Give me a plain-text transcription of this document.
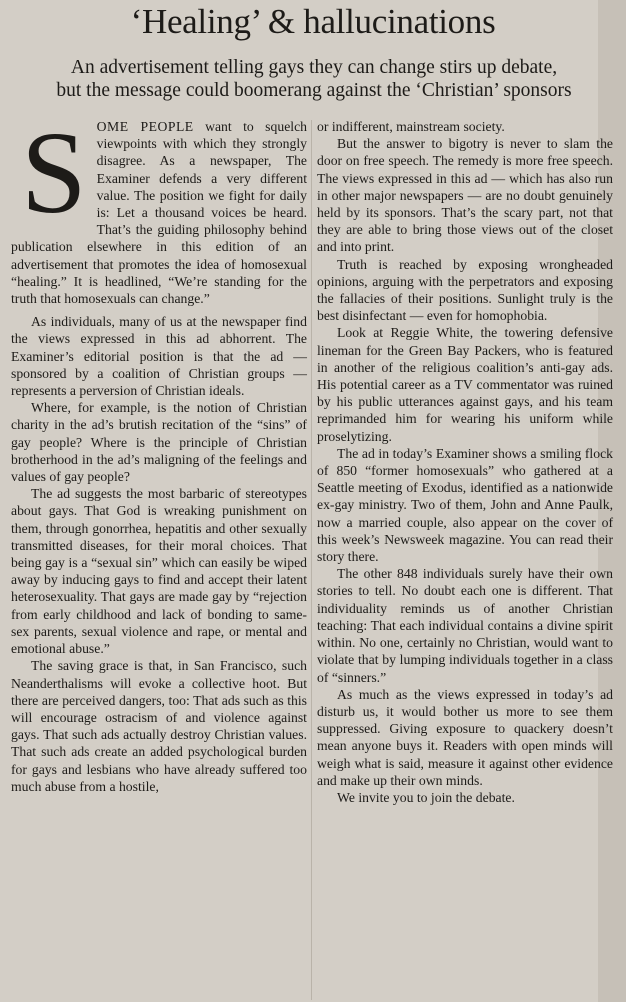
‘Healing’ & hallucinations
An advertisement telling gays they can change stirs up debate,
but the message could boomerang against the ‘Christian’ sponsors

SOME PEOPLE want to squelch viewpoints with which they strongly disagree. As a newspaper, The Examiner defends a very different value. The position we fight for daily is: Let a thousand voices be heard. That’s the guiding philosophy behind publication elsewhere in this edition of an advertisement that promotes the idea of homosexual “healing.” It is headlined, “We’re standing for the truth that homosexuals can change.”

As individuals, many of us at the newspaper find the views expressed in this ad abhorrent. The Examiner’s editorial position is that the ad — sponsored by a coalition of Christian groups — represents a perversion of Christian ideals.

Where, for example, is the notion of Christian charity in the ad’s brutish recitation of the “sins” of gay people? Where is the principle of Christian brotherhood in the ad’s maligning of the feelings and values of gay people?

The ad suggests the most barbaric of stereotypes about gays. That God is wreaking punishment on them, through gonorrhea, hepatitis and other sexually transmitted diseases, for their moral choices. That being gay is a “sexual sin” which can easily be wiped away by inducing gays to find and accept their latent heterosexuality. That gays are made gay by “rejection from early childhood and lack of bonding to same-sex parents, sexual violence and rape, or mental and emotional abuse.”

The saving grace is that, in San Francisco, such Neanderthalisms will evoke a collective hoot. But there are perceived dangers, too: That ads such as this will encourage ostracism of and violence against gays. That such ads actually destroy Christian values. That such ads create an added psychological burden for gays and lesbians who have already suffered too much abuse from a hostile,

or indifferent, mainstream society.

But the answer to bigotry is never to slam the door on free speech. The remedy is more free speech. The views expressed in this ad — which has also run in other major newspapers — are no doubt genuinely held by its sponsors. That’s the scary part, not that they are able to bring those views out of the closet and into print.

Truth is reached by exposing wrongheaded opinions, arguing with the perpetrators and exposing the fallacies of their positions. Sunlight truly is the best disinfectant — even for homophobia.

Look at Reggie White, the towering defensive lineman for the Green Bay Packers, who is featured in another of the religious coalition’s anti-gay ads. His potential career as a TV commentator was ruined by his public utterances against gays, and his team reprimanded him for wearing his uniform while proselytizing.

The ad in today’s Examiner shows a smiling flock of 850 “former homosexuals” who gathered at a Seattle meeting of Exodus, identified as a nationwide ex-gay ministry. Two of them, John and Anne Paulk, now a married couple, also appear on the cover of this week’s Newsweek magazine. You can read their story there.

The other 848 individuals surely have their own stories to tell. No doubt each one is different. That individuality reminds us of another Christian teaching: That each individual contains a divine spirit within. No one, certainly no Christian, would want to violate that by lumping individuals together in a class of “sinners.”

As much as the views expressed in today’s ad disturb us, it would bother us more to see them suppressed. Giving exposure to quackery doesn’t mean anyone buys it. Readers with open minds will weigh what is said, measure it against other evidence and make up their own minds.

We invite you to join the debate.
